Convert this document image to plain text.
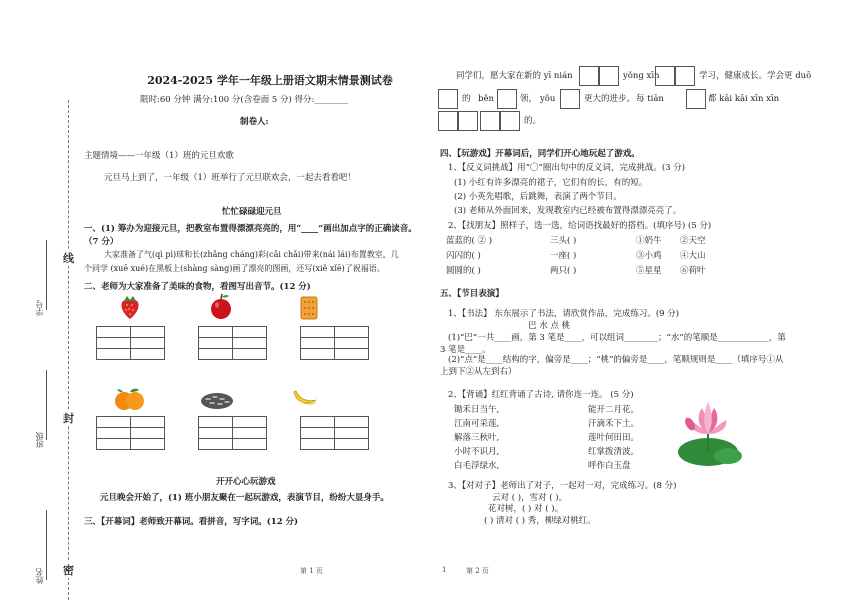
线
封
密
学号
班级
姓名
2024-2025 学年一年级上册语文期末情景测试卷
限时:60 分钟 满分:100 分(含卷面 5 分) 得分:________
制卷人:
主题情境——一年级（1）班的元旦欢歌
元旦马上到了，一年级（1）班举行了元旦联欢会，一起去看看吧！
忙忙碌碌迎元旦
一、(1) 筹办为迎接元旦，把教室布置得漂漂亮亮的，用“____”画出加点字的正确读音。（7 分）
大家准备了气(qì pì)球和长(zhǎng cháng)彩(cǎi chǎi)带来(nái lái)布置教室，几
个同学 (xuē xué)在黑板上(shàng sàng)画了漂亮的图画，还写(xiě xǐē)了祝福语。
二、老师为大家准备了美味的食物，看图写出音节。(12 分)

开开心心玩游戏
元旦晚会开始了，(1) 班小朋友聚在一起玩游戏，表演节目，纷纷大显身手。
三、【开幕词】老师致开幕词。看拼音，写字词。(12 分)
第 1 页
同学们，愿大家在新的 yī nián	yǒng xīn	学习，健康成长。学会更 duō
的 běn	领， yǒu	更大的进步。 每 tiān	都 kāi kāi xīn xīn
的。
四、【玩游戏】开幕词后，同学们开心地玩起了游戏。
1、【反义词挑战】用“〇”圈出句中的反义词，完成挑战。(3 分)
(1) 小红有许多漂亮的裙子，它们有的长，有的短。
(2) 小英先唱歌，后跳舞，表演了两个节目。
(3) 老师从外面回来，发现教室内已经被布置得漂漂亮亮了。
2、【找朋友】照样子，选一选，给词语找最好的搭档。(填序号) (5 分)
蓝蓝的( ② )	三头( )	①奶牛 ②天空
闪闪的( )	一座( )	③小鸡 ④大山
圆圆的( )	两只( )	⑤星星 ⑥荷叶
五、【节目表演】
1、【书法】 东东展示了书法，请欣赏作品，完成练习。(9 分)
巴 水 点 桃
(1)“巴”一共____画，第 3 笔是____，可以组词________；“水”的笔顺是____________，第
3 笔是____。
(2)“点”是____结构的字，偏旁是____；“桃”的偏旁是____，笔顺规则是____（填序号①从
上到下②从左到右）
2、【背诵】红红背诵了古诗, 请你连一连。 (5 分)
锄禾日当午,
江南可采莲,
解落三秋叶,
小时不识月,
白毛浮绿水,
能开二月花。
汗滴禾下土。
莲叶何田田。
红掌拨清波。
呼作白玉盘
3、【对对子】老师出了对子，一起对一对，完成练习。(8 分)
云对 ( )，雪对 ( )。
花对树，( ) 对 ( )。
( ) 清对 ( ) 秀，柳绿对桃红。
1	第 2 页
